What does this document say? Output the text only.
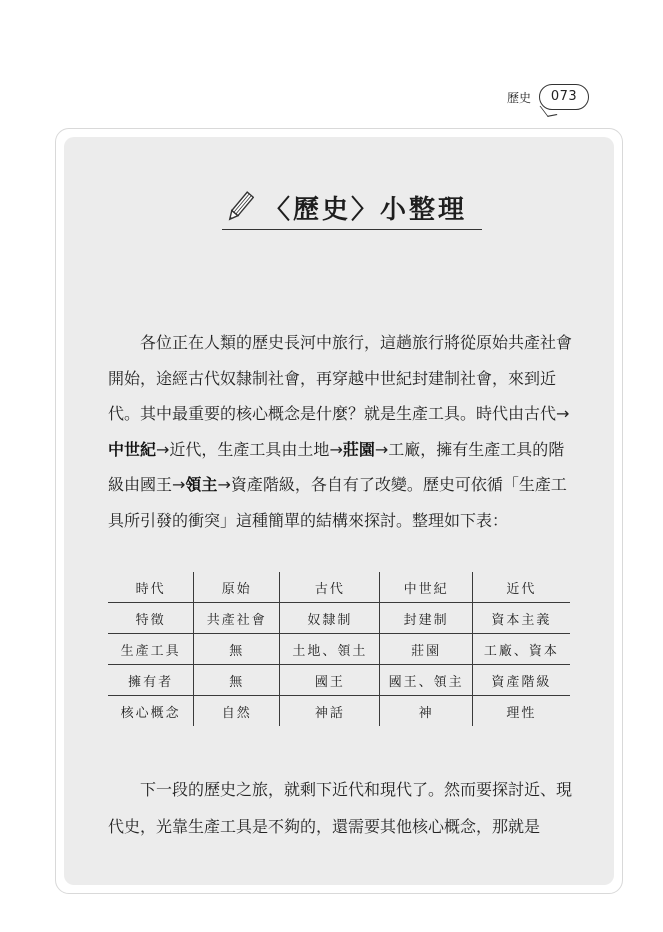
歷史	073
〈歷史〉小整理

各位正在人類的歷史長河中旅行，這趟旅行將從原始共產社會開始，途經古代奴隸制社會，再穿越中世紀封建制社會，來到近代。其中最重要的核心概念是什麼？就是生產工具。時代由古代→中世紀→近代，生產工具由土地→莊園→工廠，擁有生產工具的階級由國王→領主→資產階級，各自有了改變。歷史可依循「生產工具所引發的衝突」這種簡單的結構來探討。整理如下表：

時代	原始	古代	中世紀	近代
特徵	共產社會	奴隸制	封建制	資本主義
生產工具	無	土地、領土	莊園	工廠、資本
擁有者	無	國王	國王、領主	資產階級
核心概念	自然	神話	神	理性

下一段的歷史之旅，就剩下近代和現代了。然而要探討近、現代史，光靠生產工具是不夠的，還需要其他核心概念，那就是
